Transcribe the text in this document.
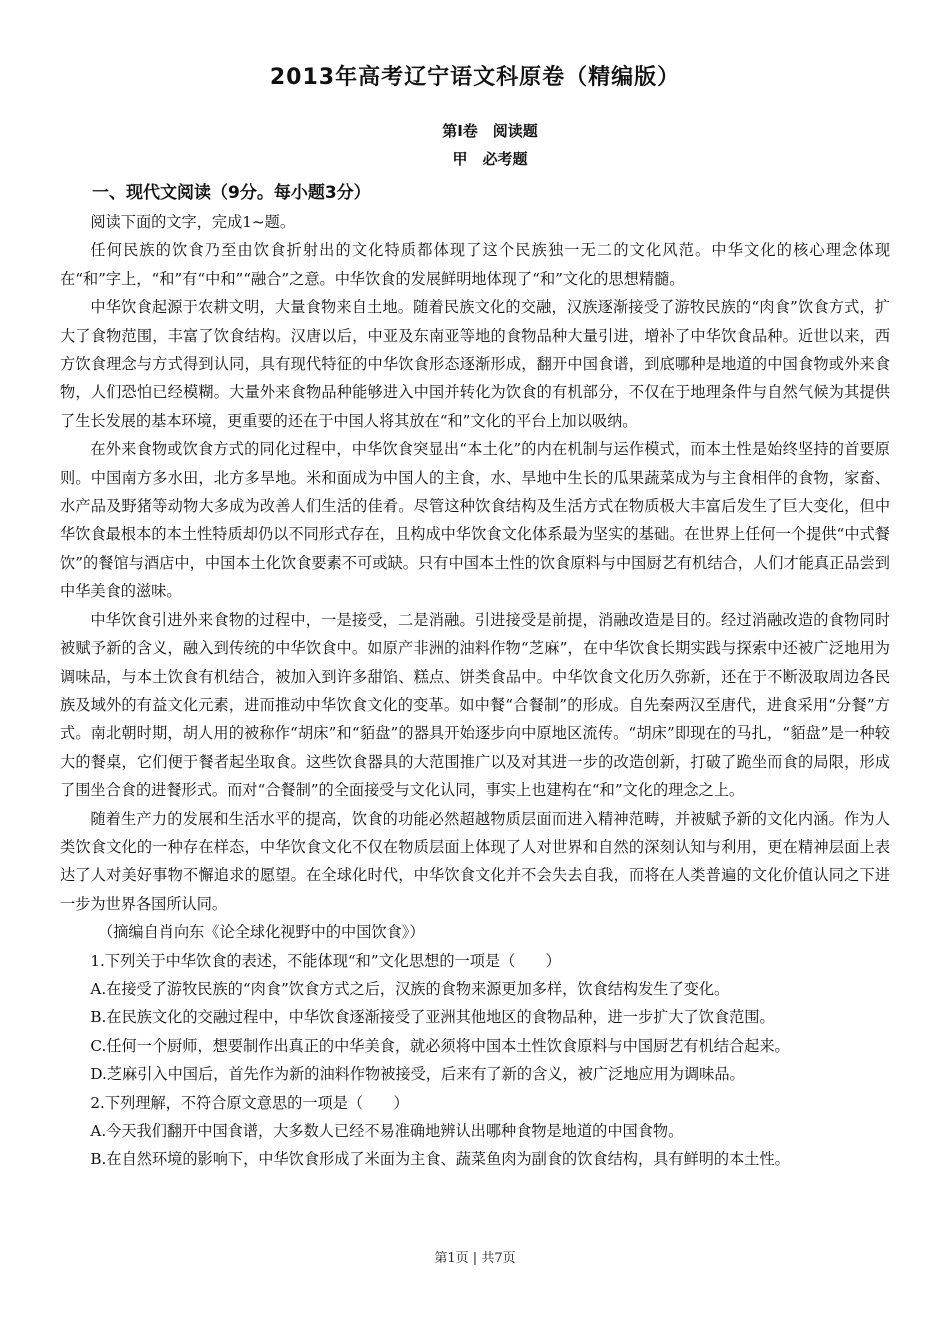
2013年高考辽宁语文科原卷（精编版）
第Ⅰ卷　阅读题
甲　必考题
一、现代文阅读（9分。每小题3分）

阅读下面的文字，完成1~题。

任何民族的饮食乃至由饮食折射出的文化特质都体现了这个民族独一无二的文化风范。中华文化的核心理念体现在“和”字上，“和”有“中和”“融合”之意。中华饮食的发展鲜明地体现了“和”文化的思想精髓。

中华饮食起源于农耕文明，大量食物来自土地。随着民族文化的交融，汉族逐渐接受了游牧民族的“肉食”饮食方式，扩大了食物范围，丰富了饮食结构。汉唐以后，中亚及东南亚等地的食物品种大量引进，增补了中华饮食品种。近世以来，西方饮食理念与方式得到认同，具有现代特征的中华饮食形态逐渐形成，翻开中国食谱，到底哪种是地道的中国食物或外来食物，人们恐怕已经模糊。大量外来食物品种能够进入中国并转化为饮食的有机部分，不仅在于地理条件与自然气候为其提供了生长发展的基本环境，更重要的还在于中国人将其放在“和”文化的平台上加以吸纳。

在外来食物或饮食方式的同化过程中，中华饮食突显出“本土化”的内在机制与运作模式，而本土性是始终坚持的首要原则。中国南方多水田，北方多旱地。米和面成为中国人的主食，水、旱地中生长的瓜果蔬菜成为与主食相伴的食物，家畜、水产品及野猪等动物大多成为改善人们生活的佳肴。尽管这种饮食结构及生活方式在物质极大丰富后发生了巨大变化，但中华饮食最根本的本土性特质却仍以不同形式存在，且构成中华饮食文化体系最为坚实的基础。在世界上任何一个提供“中式餐饮”的餐馆与酒店中，中国本土化饮食要素不可或缺。只有中国本土性的饮食原料与中国厨艺有机结合，人们才能真正品尝到中华美食的滋味。

中华饮食引进外来食物的过程中，一是接受，二是消融。引进接受是前提，消融改造是目的。经过消融改造的食物同时被赋予新的含义，融入到传统的中华饮食中。如原产非洲的油料作物“芝麻”，在中华饮食长期实践与探索中还被广泛地用为调味品，与本土饮食有机结合，被加入到许多甜馅、糕点、饼类食品中。中华饮食文化历久弥新，还在于不断汲取周边各民族及域外的有益文化元素，进而推动中华饮食文化的变革。如中餐“合餐制”的形成。自先秦两汉至唐代，进食采用“分餐”方式。南北朝时期，胡人用的被称作“胡床”和“貊盘”的器具开始逐步向中原地区流传。“胡床”即现在的马扎，“貊盘”是一种较大的餐桌，它们便于餐者起坐取食。这些饮食器具的大范围推广以及对其进一步的改造创新，打破了跪坐而食的局限，形成了围坐合食的进餐形式。而对“合餐制”的全面接受与文化认同，事实上也建构在“和”文化的理念之上。

随着生产力的发展和生活水平的提高，饮食的功能必然超越物质层面而进入精神范畴，并被赋予新的文化内涵。作为人类饮食文化的一种存在样态，中华饮食文化不仅在物质层面上体现了人对世界和自然的深刻认知与利用，更在精神层面上表达了人对美好事物不懈追求的愿望。在全球化时代，中华饮食文化并不会失去自我，而将在人类普遍的文化价值认同之下进一步为世界各国所认同。

（摘编自肖向东《论全球化视野中的中国饮食》）

1.下列关于中华饮食的表述，不能体现“和”文化思想的一项是（　　）

A.在接受了游牧民族的“肉食”饮食方式之后，汉族的食物来源更加多样，饮食结构发生了变化。

B.在民族文化的交融过程中，中华饮食逐渐接受了亚洲其他地区的食物品种，进一步扩大了饮食范围。

C.任何一个厨师，想要制作出真正的中华美食，就必须将中国本土性饮食原料与中国厨艺有机结合起来。

D.芝麻引入中国后，首先作为新的油料作物被接受，后来有了新的含义，被广泛地应用为调味品。

2.下列理解，不符合原文意思的一项是（　　）

A.今天我们翻开中国食谱，大多数人已经不易准确地辨认出哪种食物是地道的中国食物。

B.在自然环境的影响下，中华饮食形成了米面为主食、蔬菜鱼肉为副食的饮食结构，具有鲜明的本土性。

第1页 | 共7页
